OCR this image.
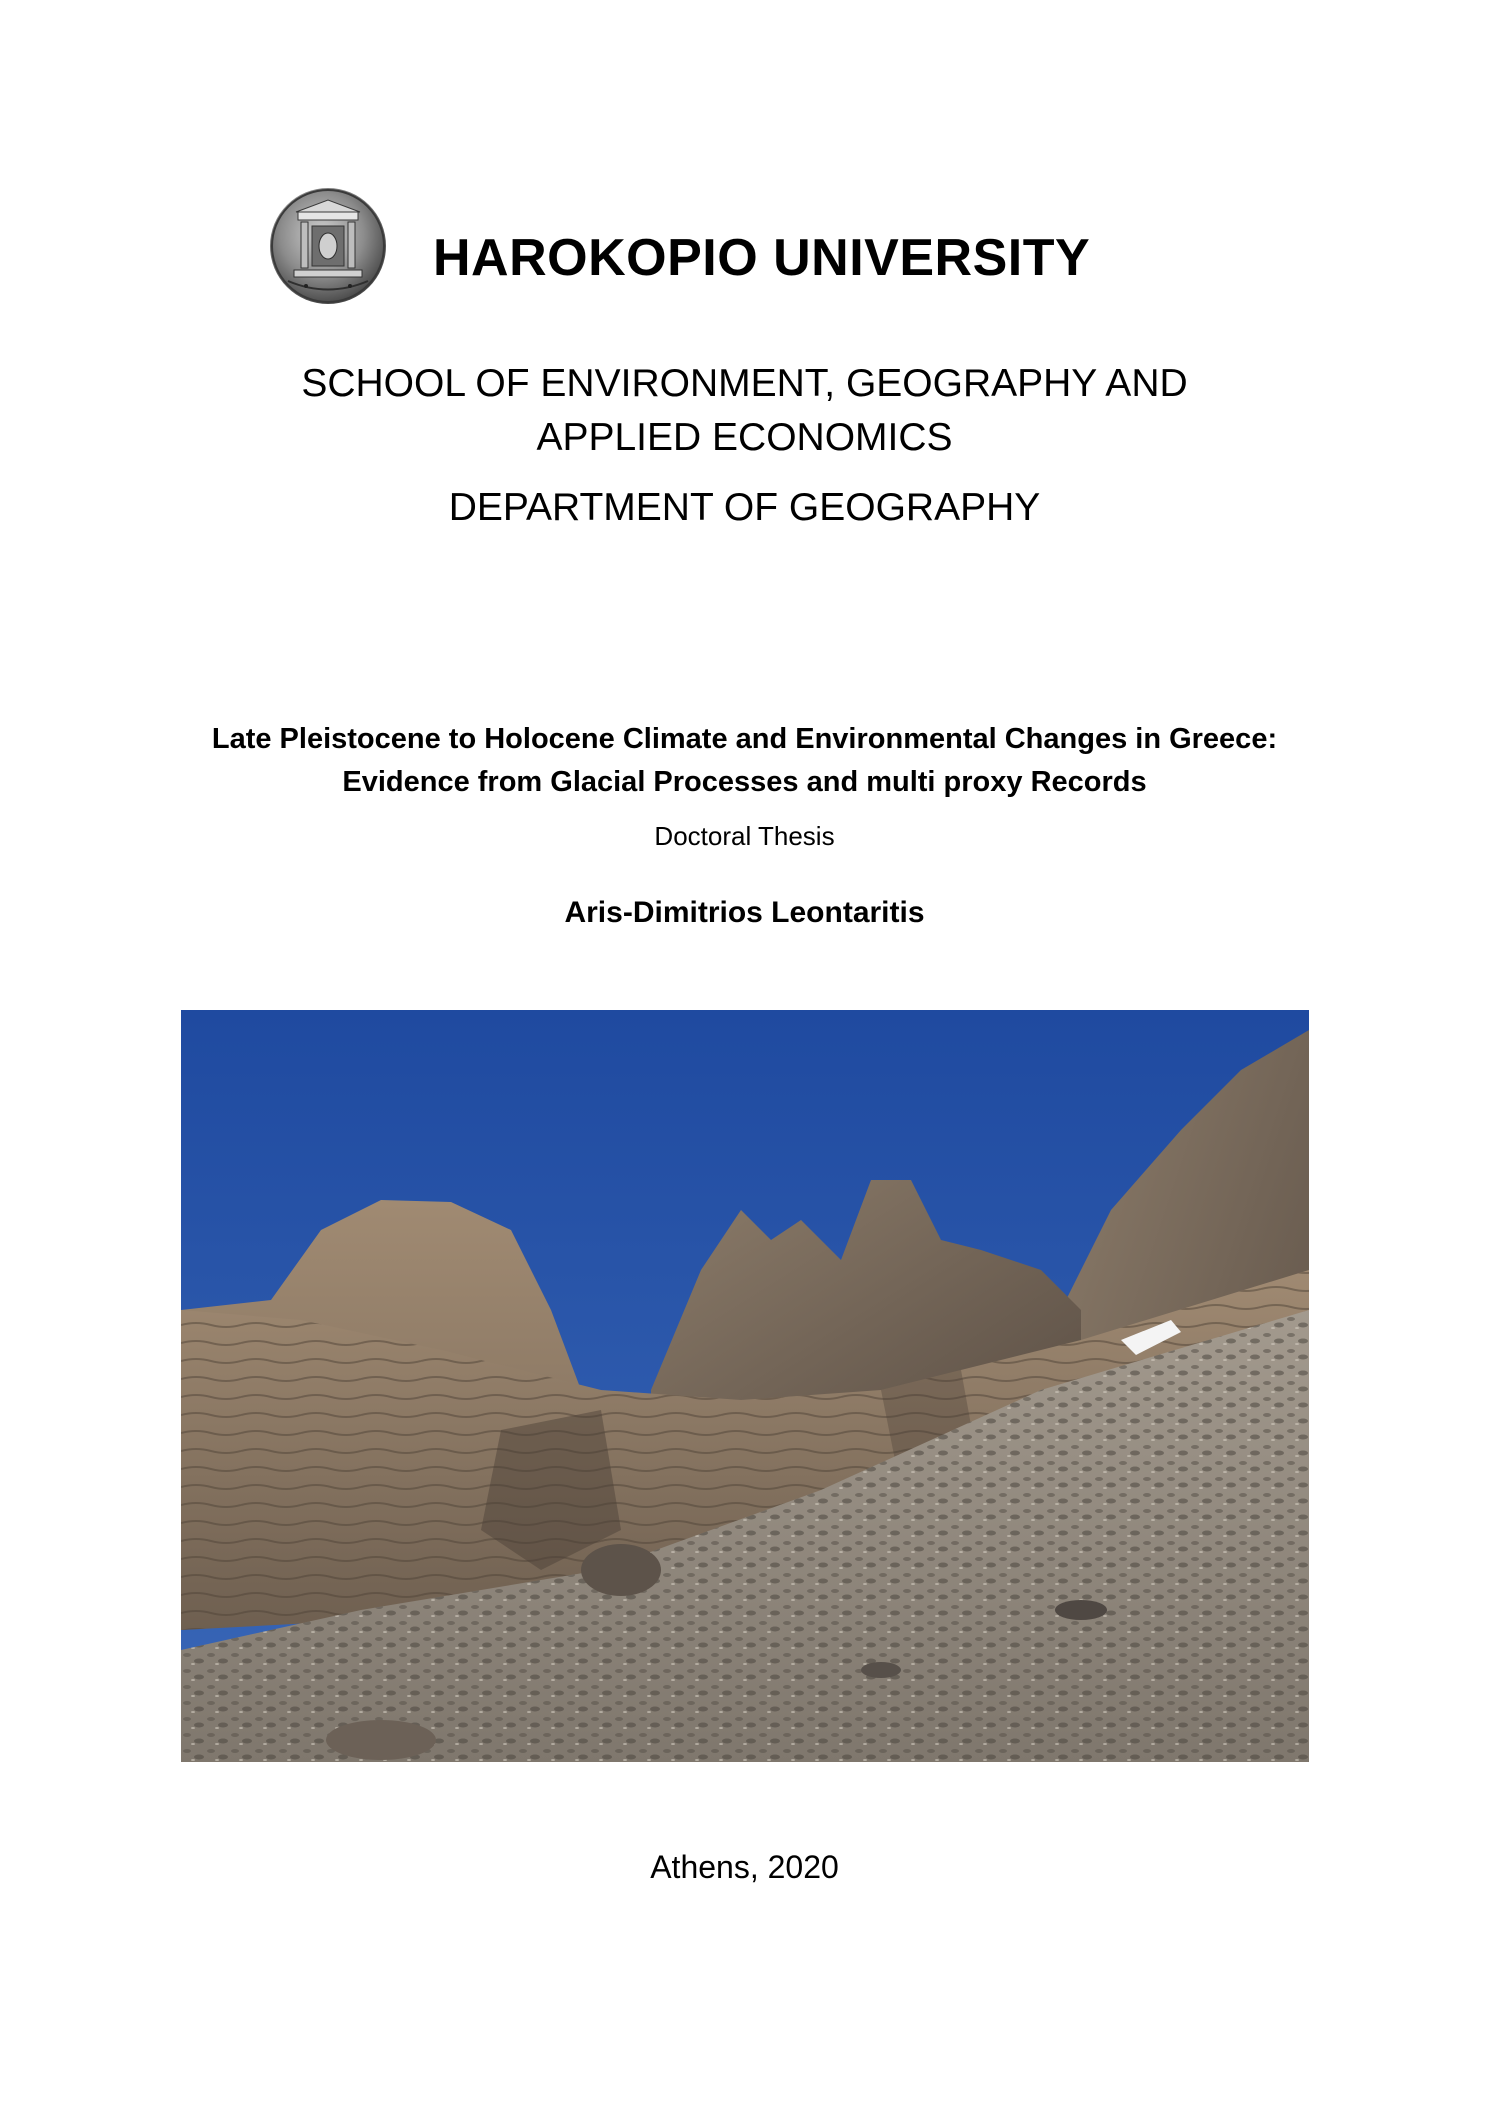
HAROKOPIO UNIVERSITY
SCHOOL OF ENVIRONMENT, GEOGRAPHY AND APPLIED ECONOMICS
DEPARTMENT OF GEOGRAPHY
Late Pleistocene to Holocene Climate and Environmental Changes in Greece:
Evidence from Glacial Processes and multi proxy Records
Doctoral Thesis
Aris-Dimitrios Leontaritis
Athens, 2020
